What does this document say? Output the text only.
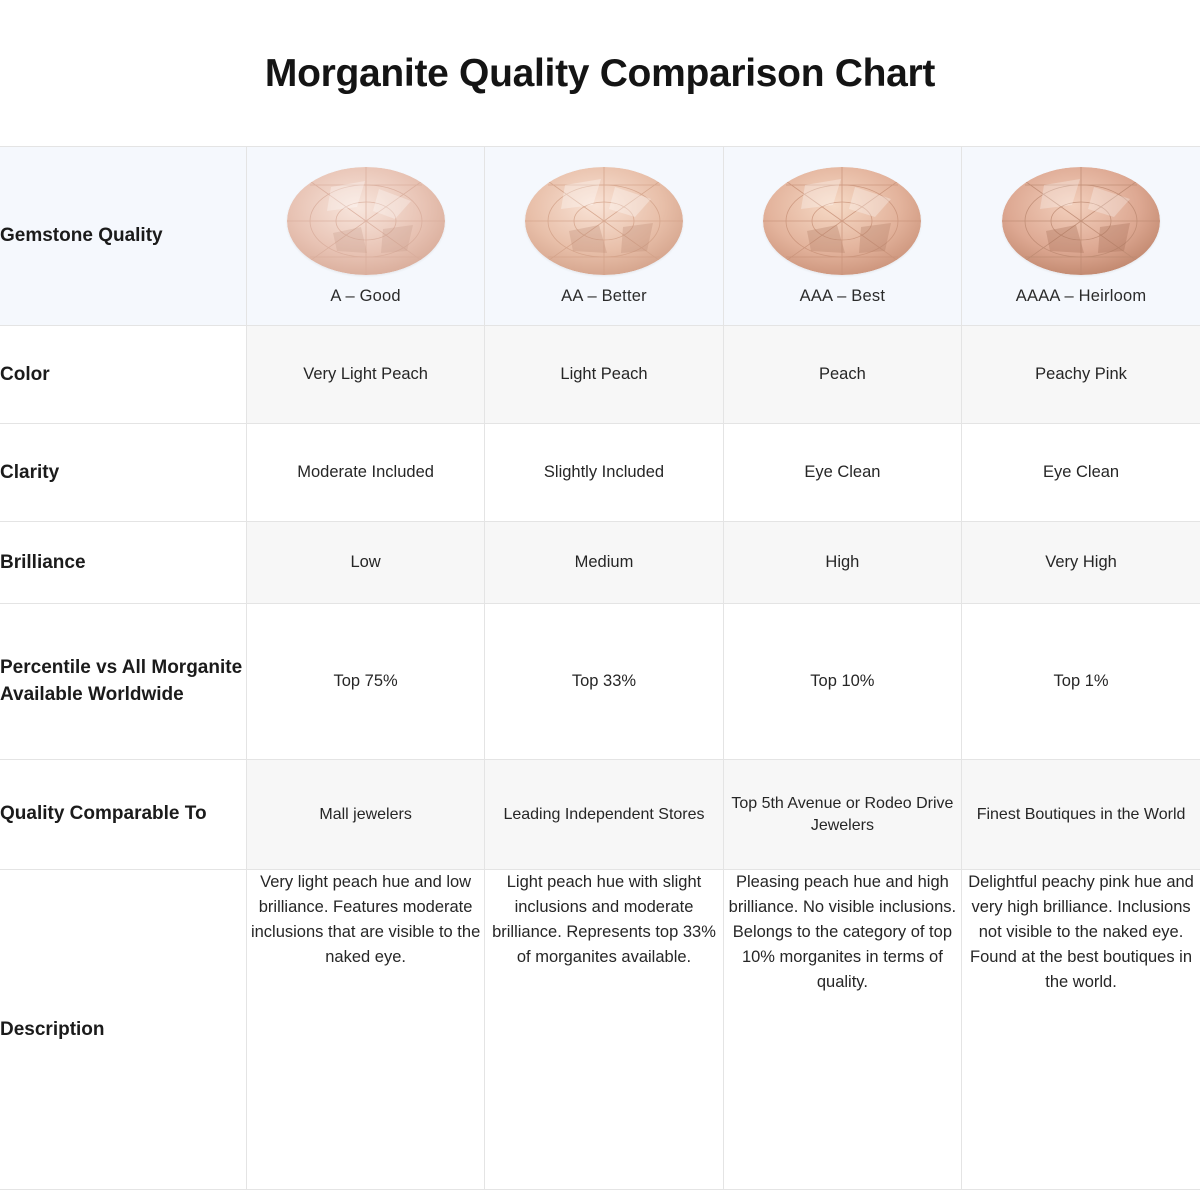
Morganite Quality Comparison Chart
Gemstone Quality	A – Good	AA – Better	AAA – Best	AAAA – Heirloom

Color	Very Light Peach	Light Peach	Peach	Peachy Pink
Clarity	Moderate Included	Slightly Included	Eye Clean	Eye Clean
Brilliance	Low	Medium	High	Very High
Percentile vs All Morganite Available Worldwide	Top 75%	Top 33%	Top 10%	Top 1%
Quality Comparable To	Mall jewelers	Leading Independent Stores	Top 5th Avenue or Rodeo Drive Jewelers	Finest Boutiques in the World
Description	Very light peach hue and low brilliance. Features moderate inclusions that are visible to the naked eye.	Light peach hue with slight inclusions and moderate brilliance. Represents top 33% of morganites available.	Pleasing peach hue and high brilliance. No visible inclusions. Belongs to the category of top 10% morganites in terms of quality.	Delightful peachy pink hue and very high brilliance. Inclusions not visible to the naked eye. Found at the best boutiques in the world.
